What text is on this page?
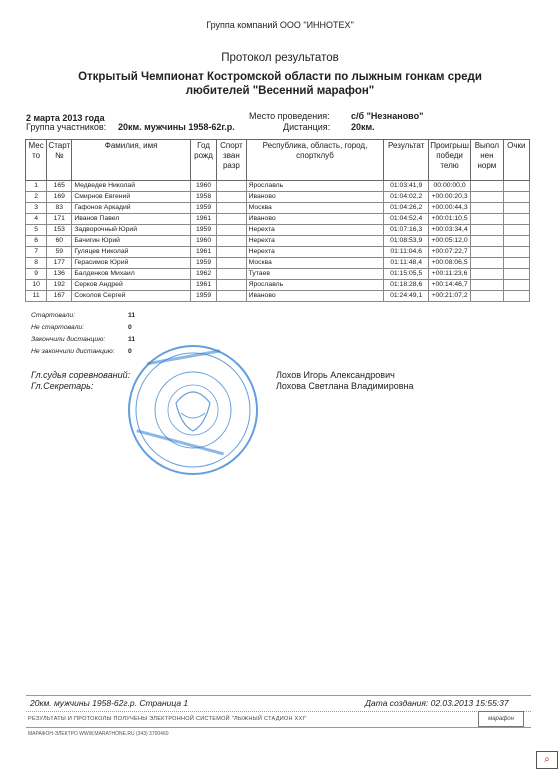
Группа компаний ООО "ИННОТЕХ"
Протокол результатов
Открытый Чемпионат Костромской области по лыжным гонкам среди
любителей "Весенний марафон"
2 марта 2013 года
Группа участников: 20км. мужчины 1958-62г.р.
Место проведения: с/б "Незнаново"
Дистанция: 20км.
Мес то	Старт №	Фамилия, имя	Год рожд	Спорт зван разр	Республика, область, город, спортклуб	Результат	Проигрыш победи телю	Выпол нен норм	Очки
1	165	Медведев Николай	1960		Ярославль	01:03:41,9	00:00:00,0		
2	169	Смирнов Евгений	1958		Иваново	01:04:02,2	+00:00:20,3		
3	83	Гафонов Аркадий	1959		Москва	01:04:26,2	+00:00:44,3		
4	171	Иванов Павел	1961		Иваново	01:04:52,4	+00:01:10,5		
5	153	Задворочный Юрий	1959		Нерехта	01:07:16,3	+00:03:34,4		
6	60	Бачигин Юрий	1960		Нерехта	01:08:53,9	+00:05:12,0		
7	59	Гуляцев Николай	1961		Нерехта	01:11:04,6	+00:07:22,7		
8	177	Герасимов Юрий	1959		Москва	01:11:48,4	+00:08:06,5		
9	136	Балденков Михаил	1962		Тутаев	01:15:05,5	+00:11:23,6		
10	192	Серков Андрей	1961		Ярославль	01:18:28,6	+00:14:46,7		
11	167	Соколов Сергей	1959		Иваново	01:24:49,1	+00:21:07,2		
Стартовали:	11
Не стартовали:	0
Закончили дистанцию:	11
Не закончили дистанцию: 0
Гл.судья соревнований:	Лохов Игорь Александрович
Гл.Секретарь:	Лохова Светлана Владимировна
20км. мужчины 1958-62г.р. Страница 1	Дата создания: 02.03.2013 15:55:37
РЕЗУЛЬТАТЫ И ПРОТОКОЛЫ ПОЛУЧЕНЫ ЭЛЕКТРОННОЙ СИСТЕМОЙ "ЛЫЖНЫЙ СТАДИОН XXI"	марафон
МАРАФОН-ЭЛЕКТРО WWW.MARATHONE.RU (343) 3700460
⌕
